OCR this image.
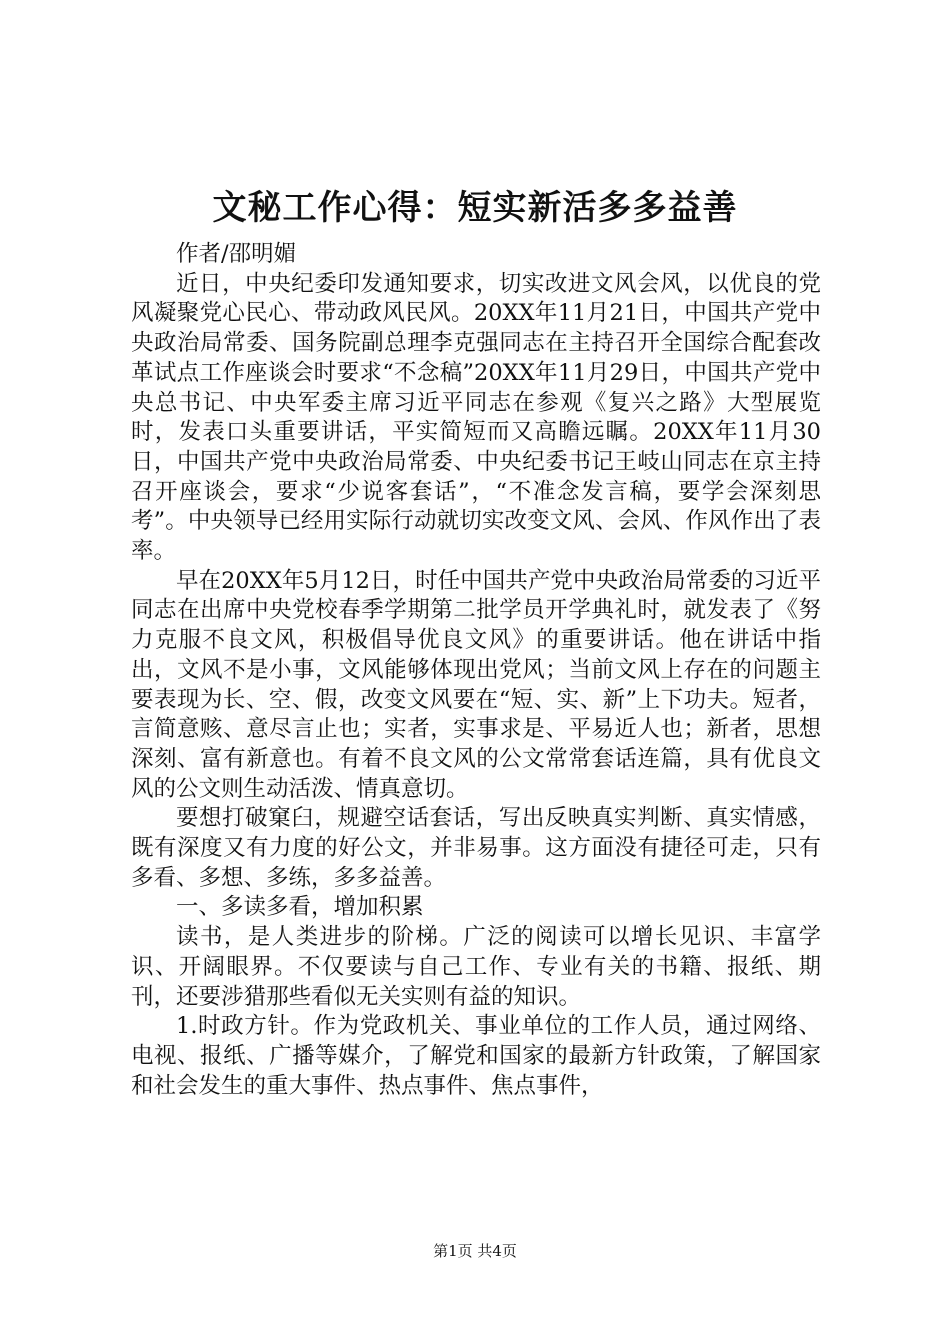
文秘工作心得：短实新活多多益善

作者/邵明媚

近日，中央纪委印发通知要求，切实改进文风会风，以优良的党风凝聚党心民心、带动政风民风。20XX年11月21日，中国共产党中央政治局常委、国务院副总理李克强同志在主持召开全国综合配套改革试点工作座谈会时要求“不念稿”20XX年11月29日，中国共产党中央总书记、中央军委主席习近平同志在参观《复兴之路》大型展览时，发表口头重要讲话，平实简短而又高瞻远瞩。20XX年11月30日，中国共产党中央政治局常委、中央纪委书记王岐山同志在京主持召开座谈会，要求“少说客套话”，“不准念发言稿，要学会深刻思考”。中央领导已经用实际行动就切实改变文风、会风、作风作出了表率。

早在20XX年5月12日，时任中国共产党中央政治局常委的习近平同志在出席中央党校春季学期第二批学员开学典礼时，就发表了《努力克服不良文风，积极倡导优良文风》的重要讲话。他在讲话中指出，文风不是小事，文风能够体现出党风；当前文风上存在的问题主要表现为长、空、假，改变文风要在“短、实、新”上下功夫。短者，言简意赅、意尽言止也；实者，实事求是、平易近人也；新者，思想深刻、富有新意也。有着不良文风的公文常常套话连篇，具有优良文风的公文则生动活泼、情真意切。

要想打破窠臼，规避空话套话，写出反映真实判断、真实情感，既有深度又有力度的好公文，并非易事。这方面没有捷径可走，只有多看、多想、多练，多多益善。

一、多读多看，增加积累

读书，是人类进步的阶梯。广泛的阅读可以增长见识、丰富学识、开阔眼界。不仅要读与自己工作、专业有关的书籍、报纸、期刊，还要涉猎那些看似无关实则有益的知识。

1.时政方针。作为党政机关、事业单位的工作人员，通过网络、电视、报纸、广播等媒介，了解党和国家的最新方针政策，了解国家和社会发生的重大事件、热点事件、焦点事件，

第1页 共4页
